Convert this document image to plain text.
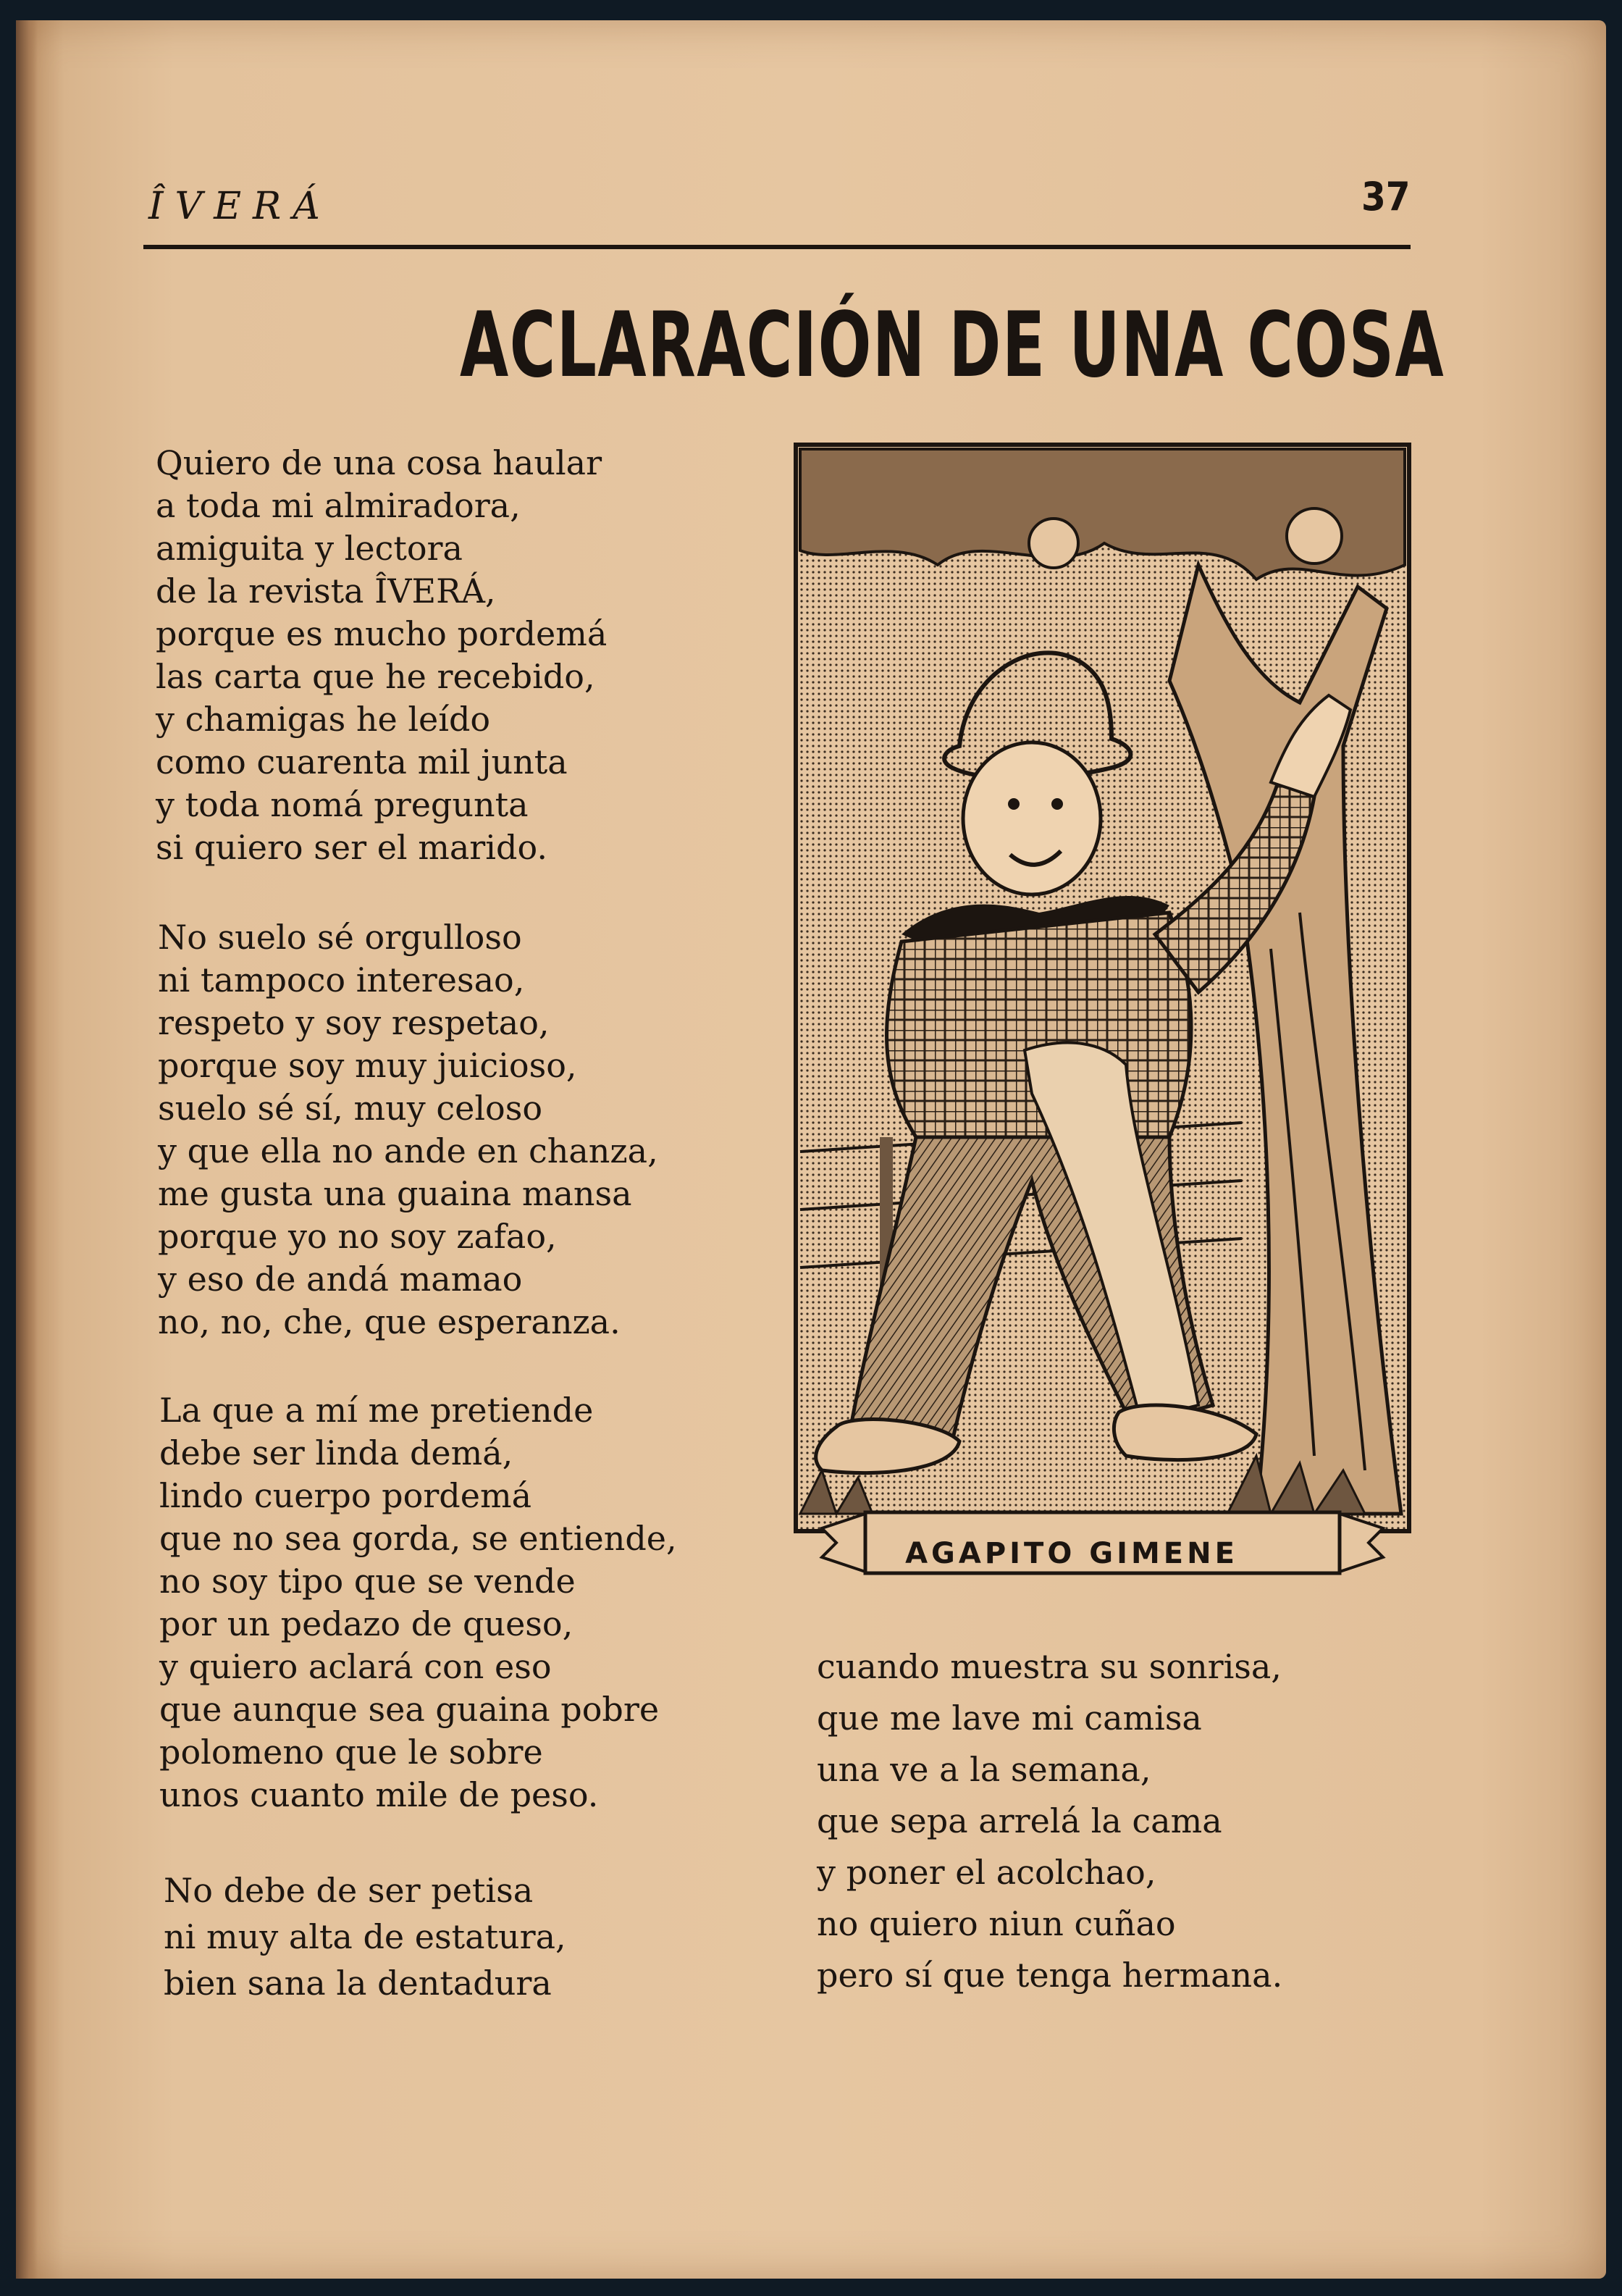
ÎVERÁ	37
ACLARACIÓN DE UNA COSA
Quiero de una cosa haular
a toda mi almiradora,
amiguita y lectora
de la revista ÎVERÁ,
porque es mucho pordemá
las carta que he recebido,
y chamigas he leído
como cuarenta mil junta
y toda nomá pregunta
si quiero ser el marido.
No suelo sé orgulloso
ni tampoco interesao,
respeto y soy respetao,
porque soy muy juicioso,
suelo sé sí, muy celoso
y que ella no ande en chanza,
me gusta una guaina mansa
porque yo no soy zafao,
y eso de andá mamao
no, no, che, que esperanza.
La que a mí me pretiende
debe ser linda demá,
lindo cuerpo pordemá
que no sea gorda, se entiende,
no soy tipo que se vende
por un pedazo de queso,
y quiero aclará con eso
que aunque sea guaina pobre
polomeno que le sobre
unos cuanto mile de peso.
No debe de ser petisa
ni muy alta de estatura,
bien sana la dentadura
cuando muestra su sonrisa,
que me lave mi camisa
una ve a la semana,
que sepa arrelá la cama
y poner el acolchao,
no quiero niun cuñao
pero sí que tenga hermana.
AGAPITO GIMENE
